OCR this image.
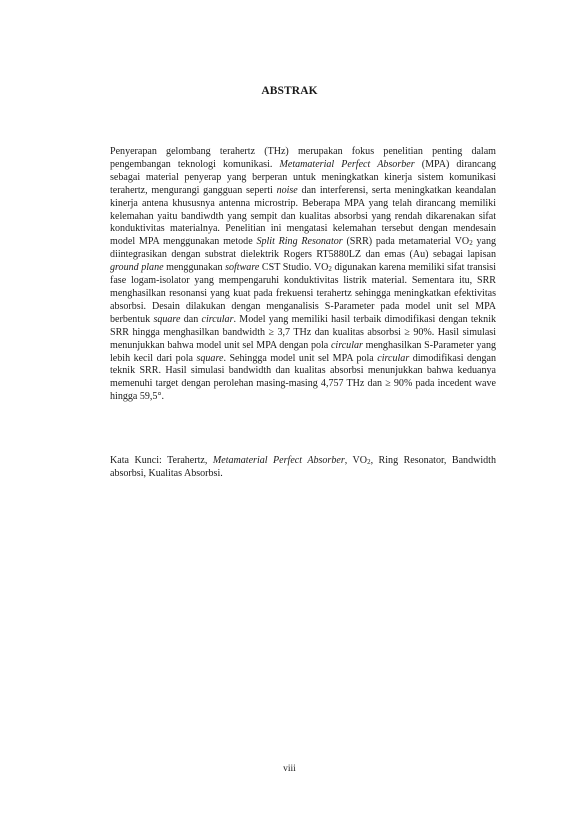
ABSTRAK

Penyerapan gelombang terahertz (THz) merupakan fokus penelitian penting dalam pengembangan teknologi komunikasi. Metamaterial Perfect Absorber (MPA) dirancang sebagai material penyerap yang berperan untuk meningkatkan kinerja sistem komunikasi terahertz, mengurangi gangguan seperti noise dan interferensi, serta meningkatkan keandalan kinerja antena khususnya antenna microstrip. Beberapa MPA yang telah dirancang memiliki kelemahan yaitu bandiwdth yang sempit dan kualitas absorbsi yang rendah dikarenakan sifat konduktivitas materialnya. Penelitian ini mengatasi kelemahan tersebut dengan mendesain model MPA menggunakan metode Split Ring Resonator (SRR) pada metamaterial $VO_2$ yang diintegrasikan dengan substrat dielektrik Rogers RT5880LZ dan emas (Au) sebagai lapisan ground plane menggunakan software CST Studio. $VO_2$ digunakan karena memiliki sifat transisi fase logam-isolator yang mempengaruhi konduktivitas listrik material. Sementara itu, SRR menghasilkan resonansi yang kuat pada frekuensi terahertz sehingga meningkatkan efektivitas absorbsi. Desain dilakukan dengan menganalisis S-Parameter pada model unit sel MPA berbentuk square dan circular. Model yang memiliki hasil terbaik dimodifikasi dengan teknik SRR hingga menghasilkan bandwidth ≥ 3,7 THz dan kualitas absorbsi ≥ 90%. Hasil simulasi menunjukkan bahwa model unit sel MPA dengan pola circular menghasilkan S-Parameter yang lebih kecil dari pola square. Sehingga model unit sel MPA pola circular dimodifikasi dengan teknik SRR. Hasil simulasi bandwidth dan kualitas absorbsi menunjukkan bahwa keduanya memenuhi target dengan perolehan masing-masing 4,757 THz dan ≥ 90% pada incedent wave hingga 59,5°.

Kata Kunci: Terahertz, Metamaterial Perfect Absorber, $VO_2$, Ring Resonator, Bandwidth absorbsi, Kualitas Absorbsi.

viii
